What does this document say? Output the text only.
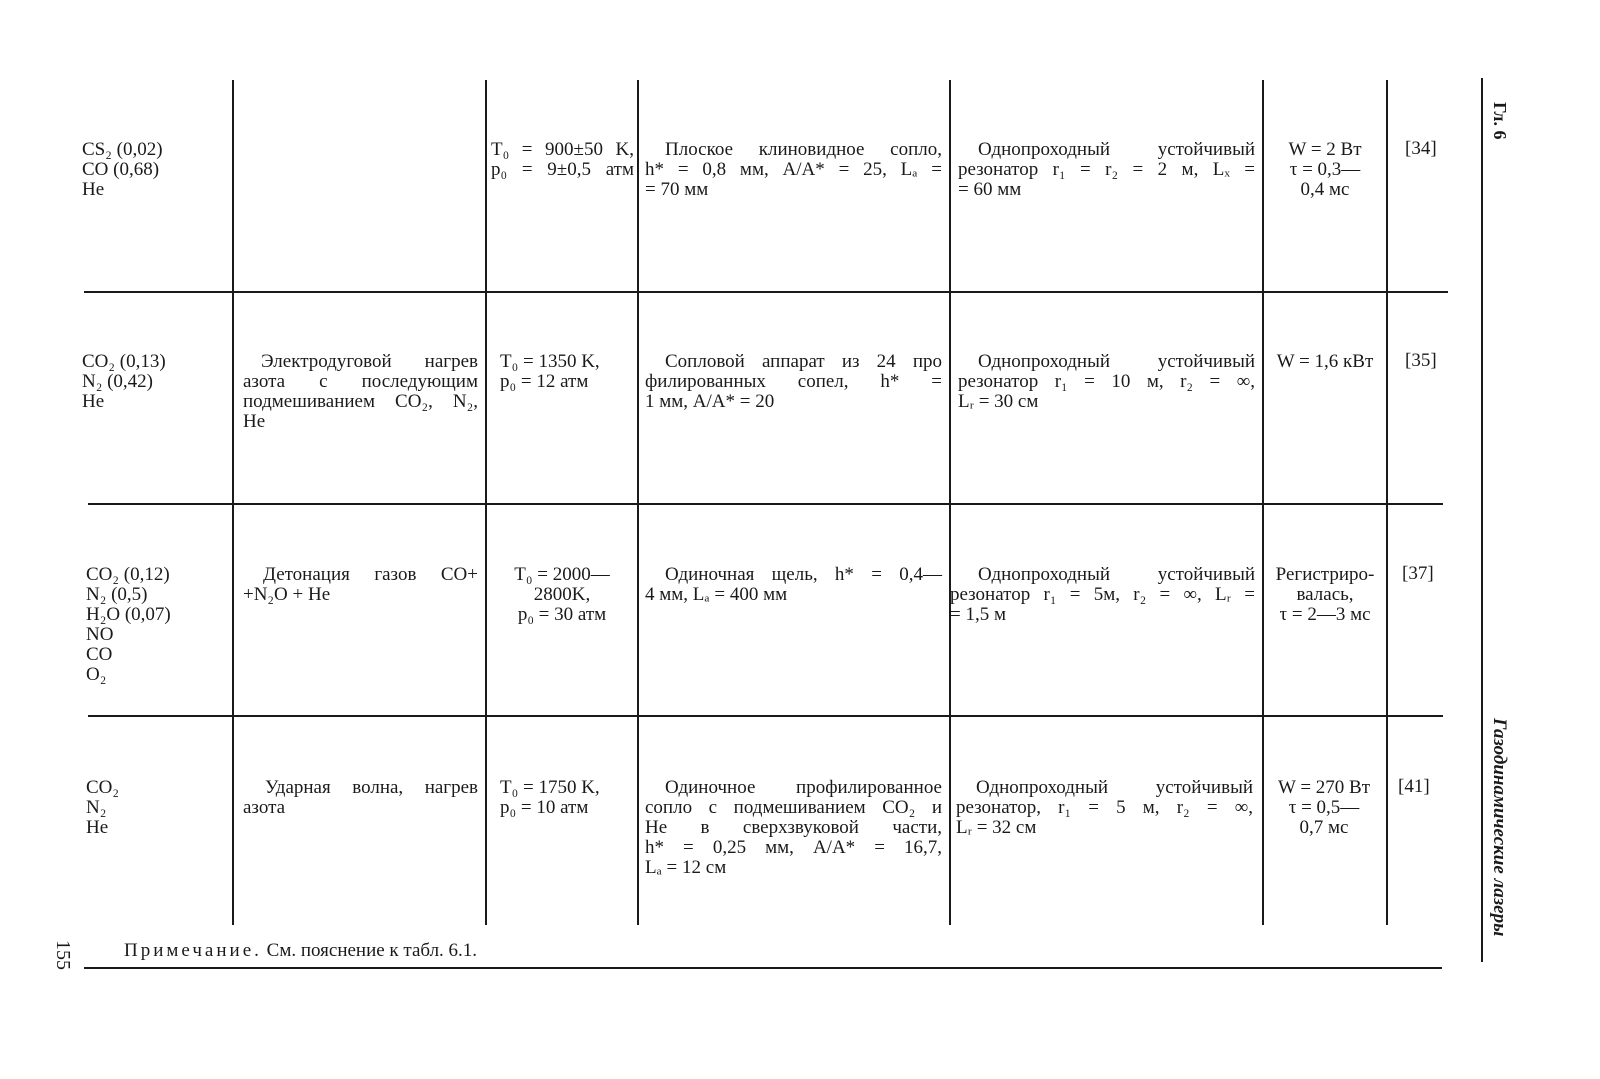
CS₂ (0,02)
CO (0,68)
He
T₀ = 900±50 K,
p₀ = 9±0,5 атм
Плоское клиновидное сопло,
h* = 0,8 мм, A/A* = 25, Lₐ =
= 70 мм
Однопроходный устойчивый
резонатор r₁ = r₂ = 2 м, Lₓ =
= 60 мм
W = 2 Вт
τ = 0,3—
0,4 мс
[34]
CO₂ (0,13)
N₂ (0,42)
He
Электродуговой нагрев
азота с последующим
подмешиванием CO₂, N₂,
He
T₀ = 1350 K,
p₀ = 12 атм
Сопловой аппарат из 24 про
филированных сопел, h* =
1 мм, A/A* = 20
Однопроходный устойчивый
резонатор r₁ = 10 м, r₂ = ∞,
Lᵣ = 30 см
W = 1,6 кВт	[35]
CO₂ (0,12)
N₂ (0,5)
H₂O (0,07)
NO
CO
O₂
Детонация газов CO+
+N₂O + He
T₀ = 2000—
2800K,
p₀ = 30 атм
Одиночная щель, h* = 0,4—
4 мм, Lₐ = 400 мм
Однопроходный устойчивый
резонатор r₁ = 5м, r₂ = ∞, Lᵣ =
= 1,5 м
Регистриро-
валась,
τ = 2—3 мс
[37]
CO₂
N₂
He
Ударная волна, нагрев
азота
T₀ = 1750 K,
p₀ = 10 атм
Одиночное профилированное
сопло с подмешиванием CO₂ и
He в сверхзвуковой части,
h* = 0,25 мм, A/A* = 16,7,
Lₐ = 12 см
Однопроходный устойчивый
резонатор, r₁ = 5 м, r₂ = ∞,
Lᵣ = 32 см
W = 270 Вт
τ = 0,5—
0,7 мс
[41]
Примечание. См. пояснение к табл. 6.1.
155
Гл. 6
Газодинамические лазеры
